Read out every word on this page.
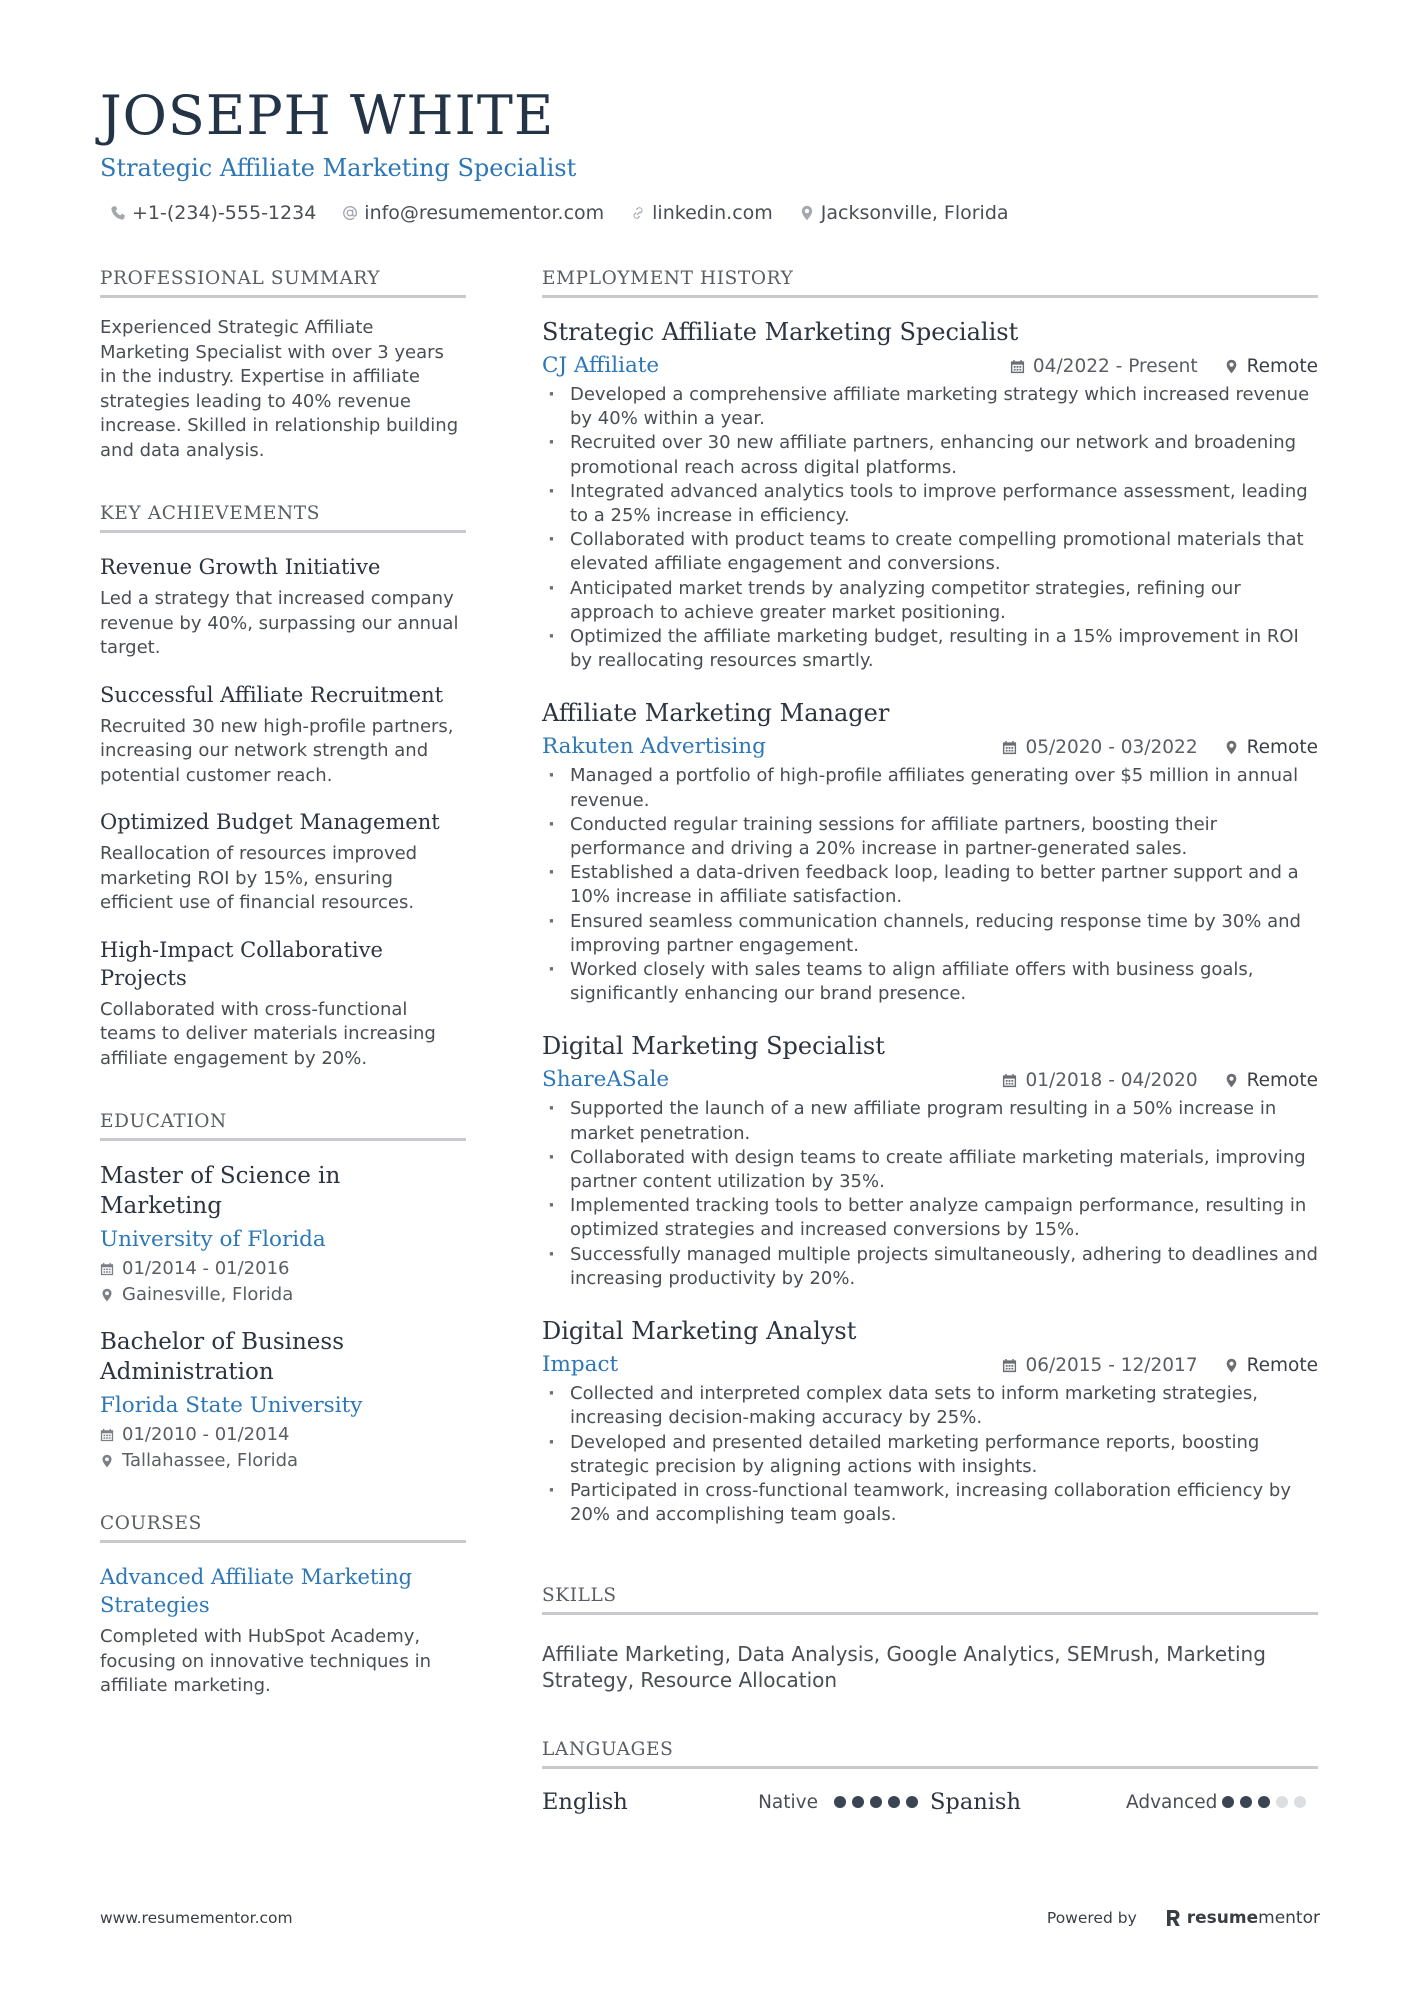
JOSEPH WHITE
Strategic Affiliate Marketing Specialist
+1-(234)-555-1234	info@resumementor.com	linkedin.com	Jacksonville, Florida
PROFESSIONAL SUMMARY

Experienced Strategic Affiliate Marketing Specialist with over 3 years in the industry. Expertise in affiliate strategies leading to 40% revenue increase. Skilled in relationship building and data analysis.

KEY ACHIEVEMENTS
Revenue Growth Initiative
Led a strategy that increased company revenue by 40%, surpassing our annual target.
Successful Affiliate Recruitment
Recruited 30 new high-profile partners, increasing our network strength and potential customer reach.
Optimized Budget Management
Reallocation of resources improved marketing ROI by 15%, ensuring efficient use of financial resources.
High-Impact Collaborative Projects
Collaborated with cross-functional teams to deliver materials increasing affiliate engagement by 20%.
EDUCATION
Master of Science in Marketing
University of Florida
01/2014 - 01/2016
Gainesville, Florida
Bachelor of Business Administration
Florida State University
01/2010 - 01/2014
Tallahassee, Florida
COURSES
Advanced Affiliate Marketing Strategies
Completed with HubSpot Academy, focusing on innovative techniques in affiliate marketing.
EMPLOYMENT HISTORY
Strategic Affiliate Marketing Specialist
CJ Affiliate	04/2022 - Present	Remote
· Developed a comprehensive affiliate marketing strategy which increased revenue by 40% within a year.
· Recruited over 30 new affiliate partners, enhancing our network and broadening promotional reach across digital platforms.
· Integrated advanced analytics tools to improve performance assessment, leading to a 25% increase in efficiency.
· Collaborated with product teams to create compelling promotional materials that elevated affiliate engagement and conversions.
· Anticipated market trends by analyzing competitor strategies, refining our approach to achieve greater market positioning.
· Optimized the affiliate marketing budget, resulting in a 15% improvement in ROI by reallocating resources smartly.
Affiliate Marketing Manager
Rakuten Advertising	05/2020 - 03/2022	Remote
· Managed a portfolio of high-profile affiliates generating over $5 million in annual revenue.
· Conducted regular training sessions for affiliate partners, boosting their performance and driving a 20% increase in partner-generated sales.
· Established a data-driven feedback loop, leading to better partner support and a 10% increase in affiliate satisfaction.
· Ensured seamless communication channels, reducing response time by 30% and improving partner engagement.
· Worked closely with sales teams to align affiliate offers with business goals, significantly enhancing our brand presence.
Digital Marketing Specialist
ShareASale	01/2018 - 04/2020	Remote
· Supported the launch of a new affiliate program resulting in a 50% increase in market penetration.
· Collaborated with design teams to create affiliate marketing materials, improving partner content utilization by 35%.
· Implemented tracking tools to better analyze campaign performance, resulting in optimized strategies and increased conversions by 15%.
· Successfully managed multiple projects simultaneously, adhering to deadlines and increasing productivity by 20%.
Digital Marketing Analyst
Impact	06/2015 - 12/2017	Remote
· Collected and interpreted complex data sets to inform marketing strategies, increasing decision-making accuracy by 25%.
· Developed and presented detailed marketing performance reports, boosting strategic precision by aligning actions with insights.
· Participated in cross-functional teamwork, increasing collaboration efficiency by 20% and accomplishing team goals.
SKILLS

Affiliate Marketing, Data Analysis, Google Analytics, SEMrush, Marketing Strategy, Resource Allocation

LANGUAGES
English	Native	Spanish	Advanced
www.resumementor.com	Powered by	resumementor
